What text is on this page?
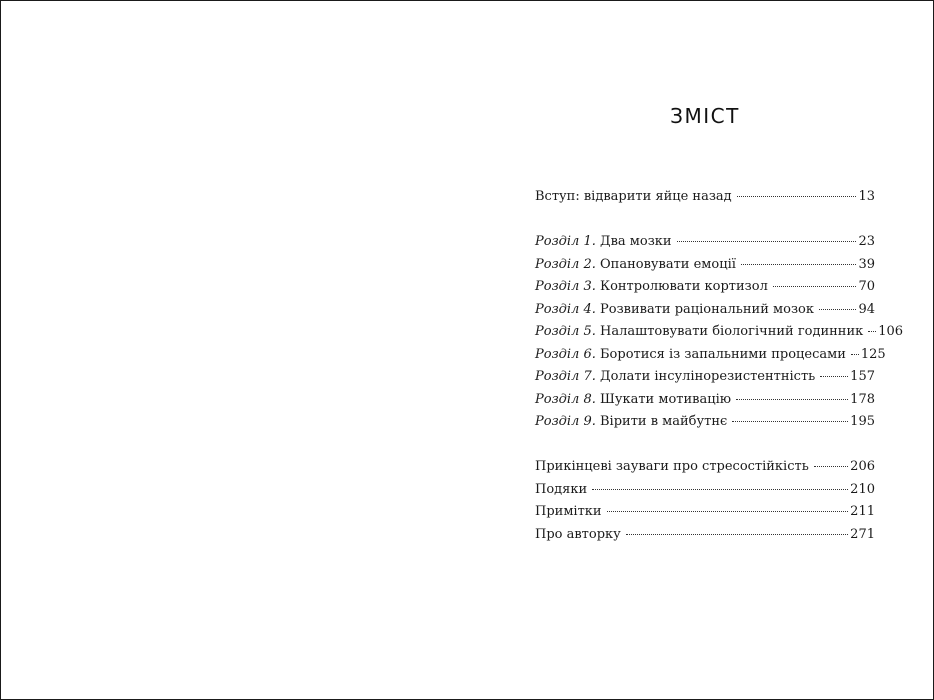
ЗМІСТ
Вступ: відварити яйце назад	13
Розділ 1. Два мозки	23
Розділ 2. Опановувати емоції	39
Розділ 3. Контролювати кортизол	70
Розділ 4. Розвивати раціональний мозок	94
Розділ 5. Налаштовувати біологічний годинник 106
Розділ 6. Боротися із запальними процесами 125
Розділ 7. Долати інсулінорезистентність	157
Розділ 8. Шукати мотивацію	178
Розділ 9. Вірити в майбутнє	195
Прикінцеві зауваги про стресостійкість	206
Подяки	210
Примітки	211
Про авторку	271
